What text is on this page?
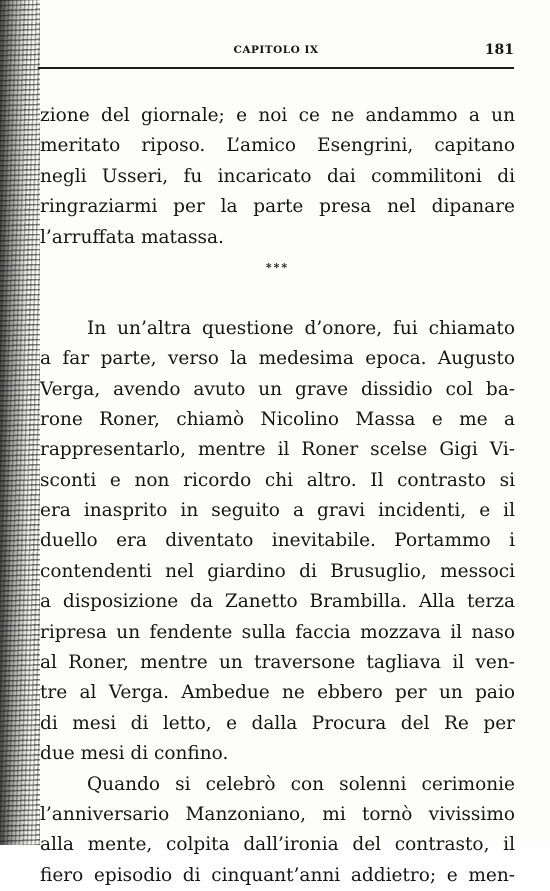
CAPITOLO IX	181
zione del giornale; e noi ce ne andammo a un
meritato riposo. L’amico Esengrini, capitano
negli Usseri, fu incaricato dai commilitoni di
ringraziarmi per la parte presa nel dipanare
l’arruffata matassa.
***
In un’altra questione d’onore, fui chiamato
a far parte, verso la medesima epoca. Augusto
Verga, avendo avuto un grave dissidio col ba-
rone Roner, chiamò Nicolino Massa e me a
rappresentarlo, mentre il Roner scelse Gigi Vi-
sconti e non ricordo chi altro. Il contrasto si
era inasprito in seguito a gravi incidenti, e il
duello era diventato inevitabile. Portammo i
contendenti nel giardino di Brusuglio, messoci
a disposizione da Zanetto Brambilla. Alla terza
ripresa un fendente sulla faccia mozzava il naso
al Roner, mentre un traversone tagliava il ven-
tre al Verga. Ambedue ne ebbero per un paio
di mesi di letto, e dalla Procura del Re per
due mesi di confino.
Quando si celebrò con solenni cerimonie
l’anniversario Manzoniano, mi tornò vivissimo
alla mente, colpita dall’ironia del contrasto, il
fiero episodio di cinquant’anni addietro; e men-
